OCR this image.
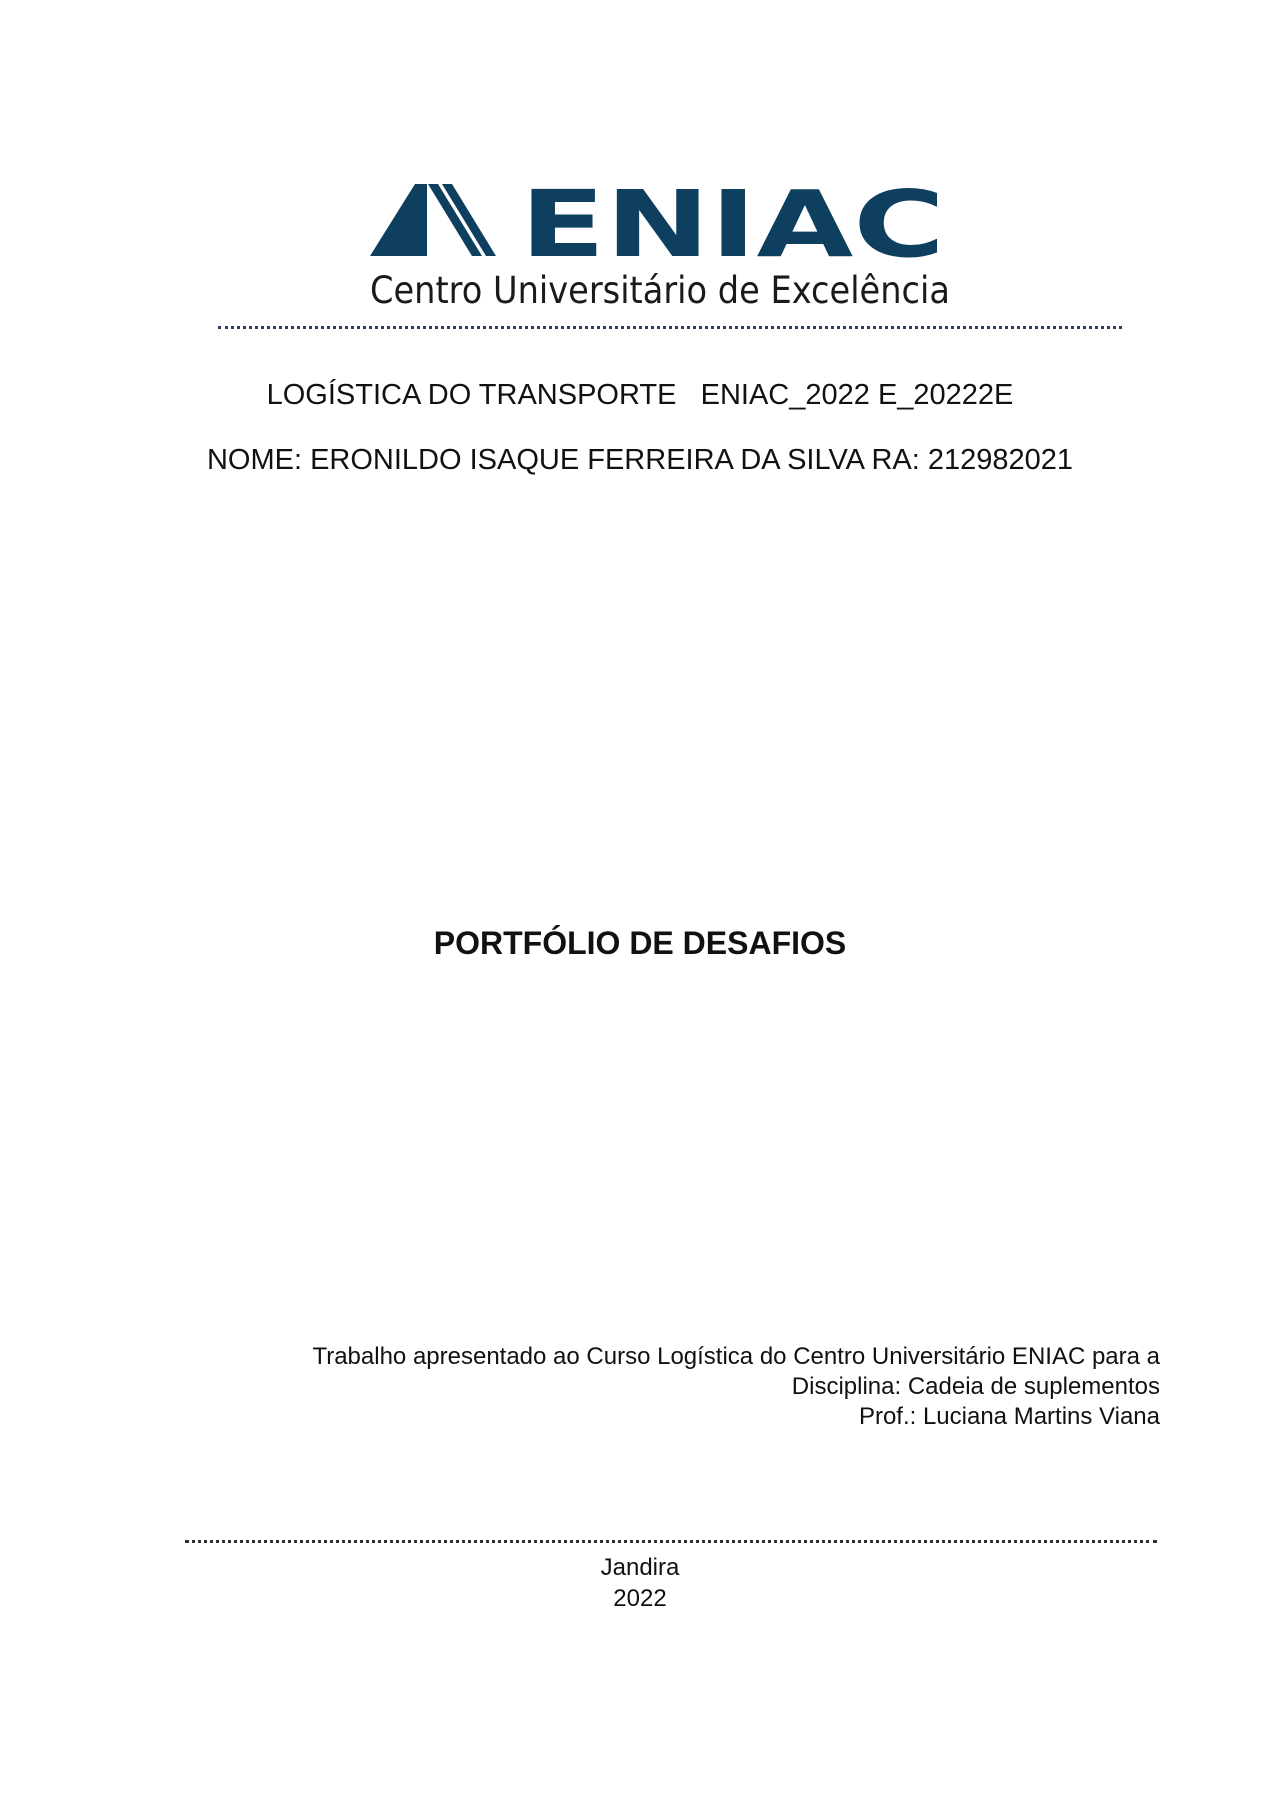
ENIAC
Centro Universitário de Excelência
LOGÍSTICA DO TRANSPORTE   ENIAC_2022 E_20222E
NOME: ERONILDO ISAQUE FERREIRA DA SILVA RA: 212982021
PORTFÓLIO DE DESAFIOS
Trabalho apresentado ao Curso Logística do Centro Universitário ENIAC para a
Disciplina: Cadeia de suplementos
Prof.: Luciana Martins Viana
Jandira
2022
